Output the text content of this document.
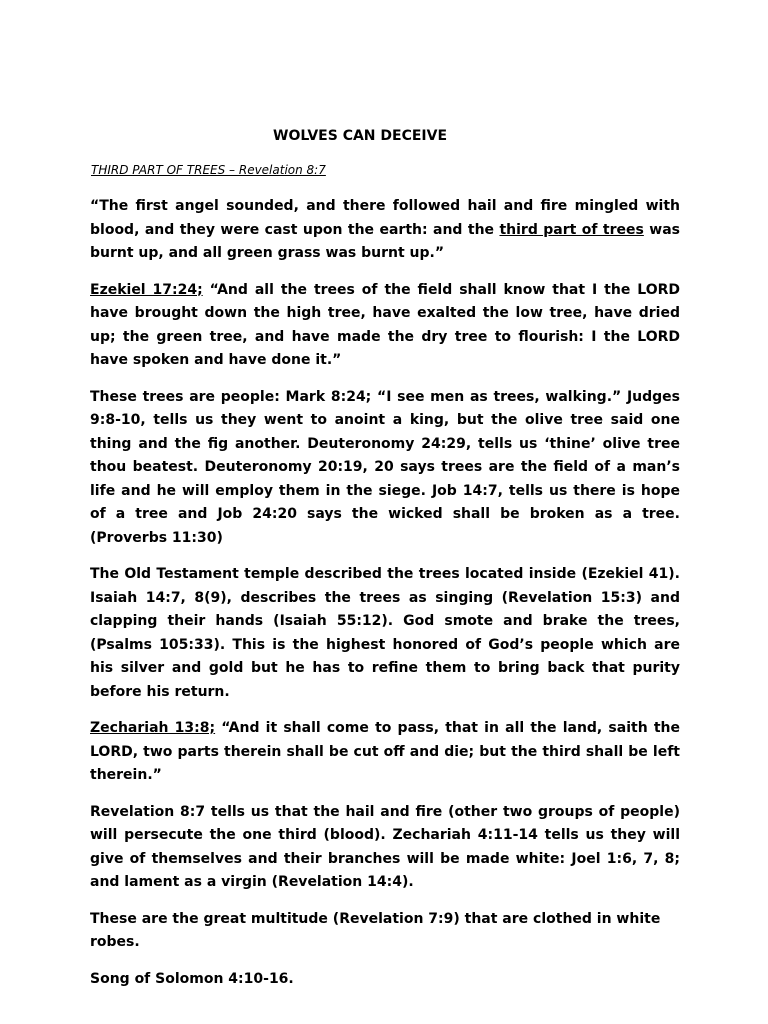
WOLVES CAN DECEIVE
THIRD PART OF TREES – Revelation 8:7

“The first angel sounded, and there followed hail and fire mingled with blood, and they were cast upon the earth: and the third part of trees was burnt up, and all green grass was burnt up.”

Ezekiel 17:24; “And all the trees of the field shall know that I the LORD have brought down the high tree, have exalted the low tree, have dried up; the green tree, and have made the dry tree to flourish: I the LORD have spoken and have done it.”

These trees are people: Mark 8:24; “I see men as trees, walking.” Judges 9:8-10, tells us they went to anoint a king, but the olive tree said one thing and the fig another. Deuteronomy 24:29, tells us ‘thine’ olive tree thou beatest. Deuteronomy 20:19, 20 says trees are the field of a man’s life and he will employ them in the siege. Job 14:7, tells us there is hope of a tree and Job 24:20 says the wicked shall be broken as a tree. (Proverbs 11:30)

The Old Testament temple described the trees located inside (Ezekiel 41). Isaiah 14:7, 8(9), describes the trees as singing (Revelation 15:3) and clapping their hands (Isaiah 55:12). God smote and brake the trees, (Psalms 105:33). This is the highest honored of God’s people which are his silver and gold but he has to refine them to bring back that purity before his return.

Zechariah 13:8; “And it shall come to pass, that in all the land, saith the LORD, two parts therein shall be cut off and die; but the third shall be left therein.”

Revelation 8:7 tells us that the hail and fire (other two groups of people) will persecute the one third (blood). Zechariah 4:11-14 tells us they will give of themselves and their branches will be made white: Joel 1:6, 7, 8; and lament as a virgin (Revelation 14:4).

These are the great multitude (Revelation 7:9) that are clothed in white robes.

Song of Solomon 4:10-16.
